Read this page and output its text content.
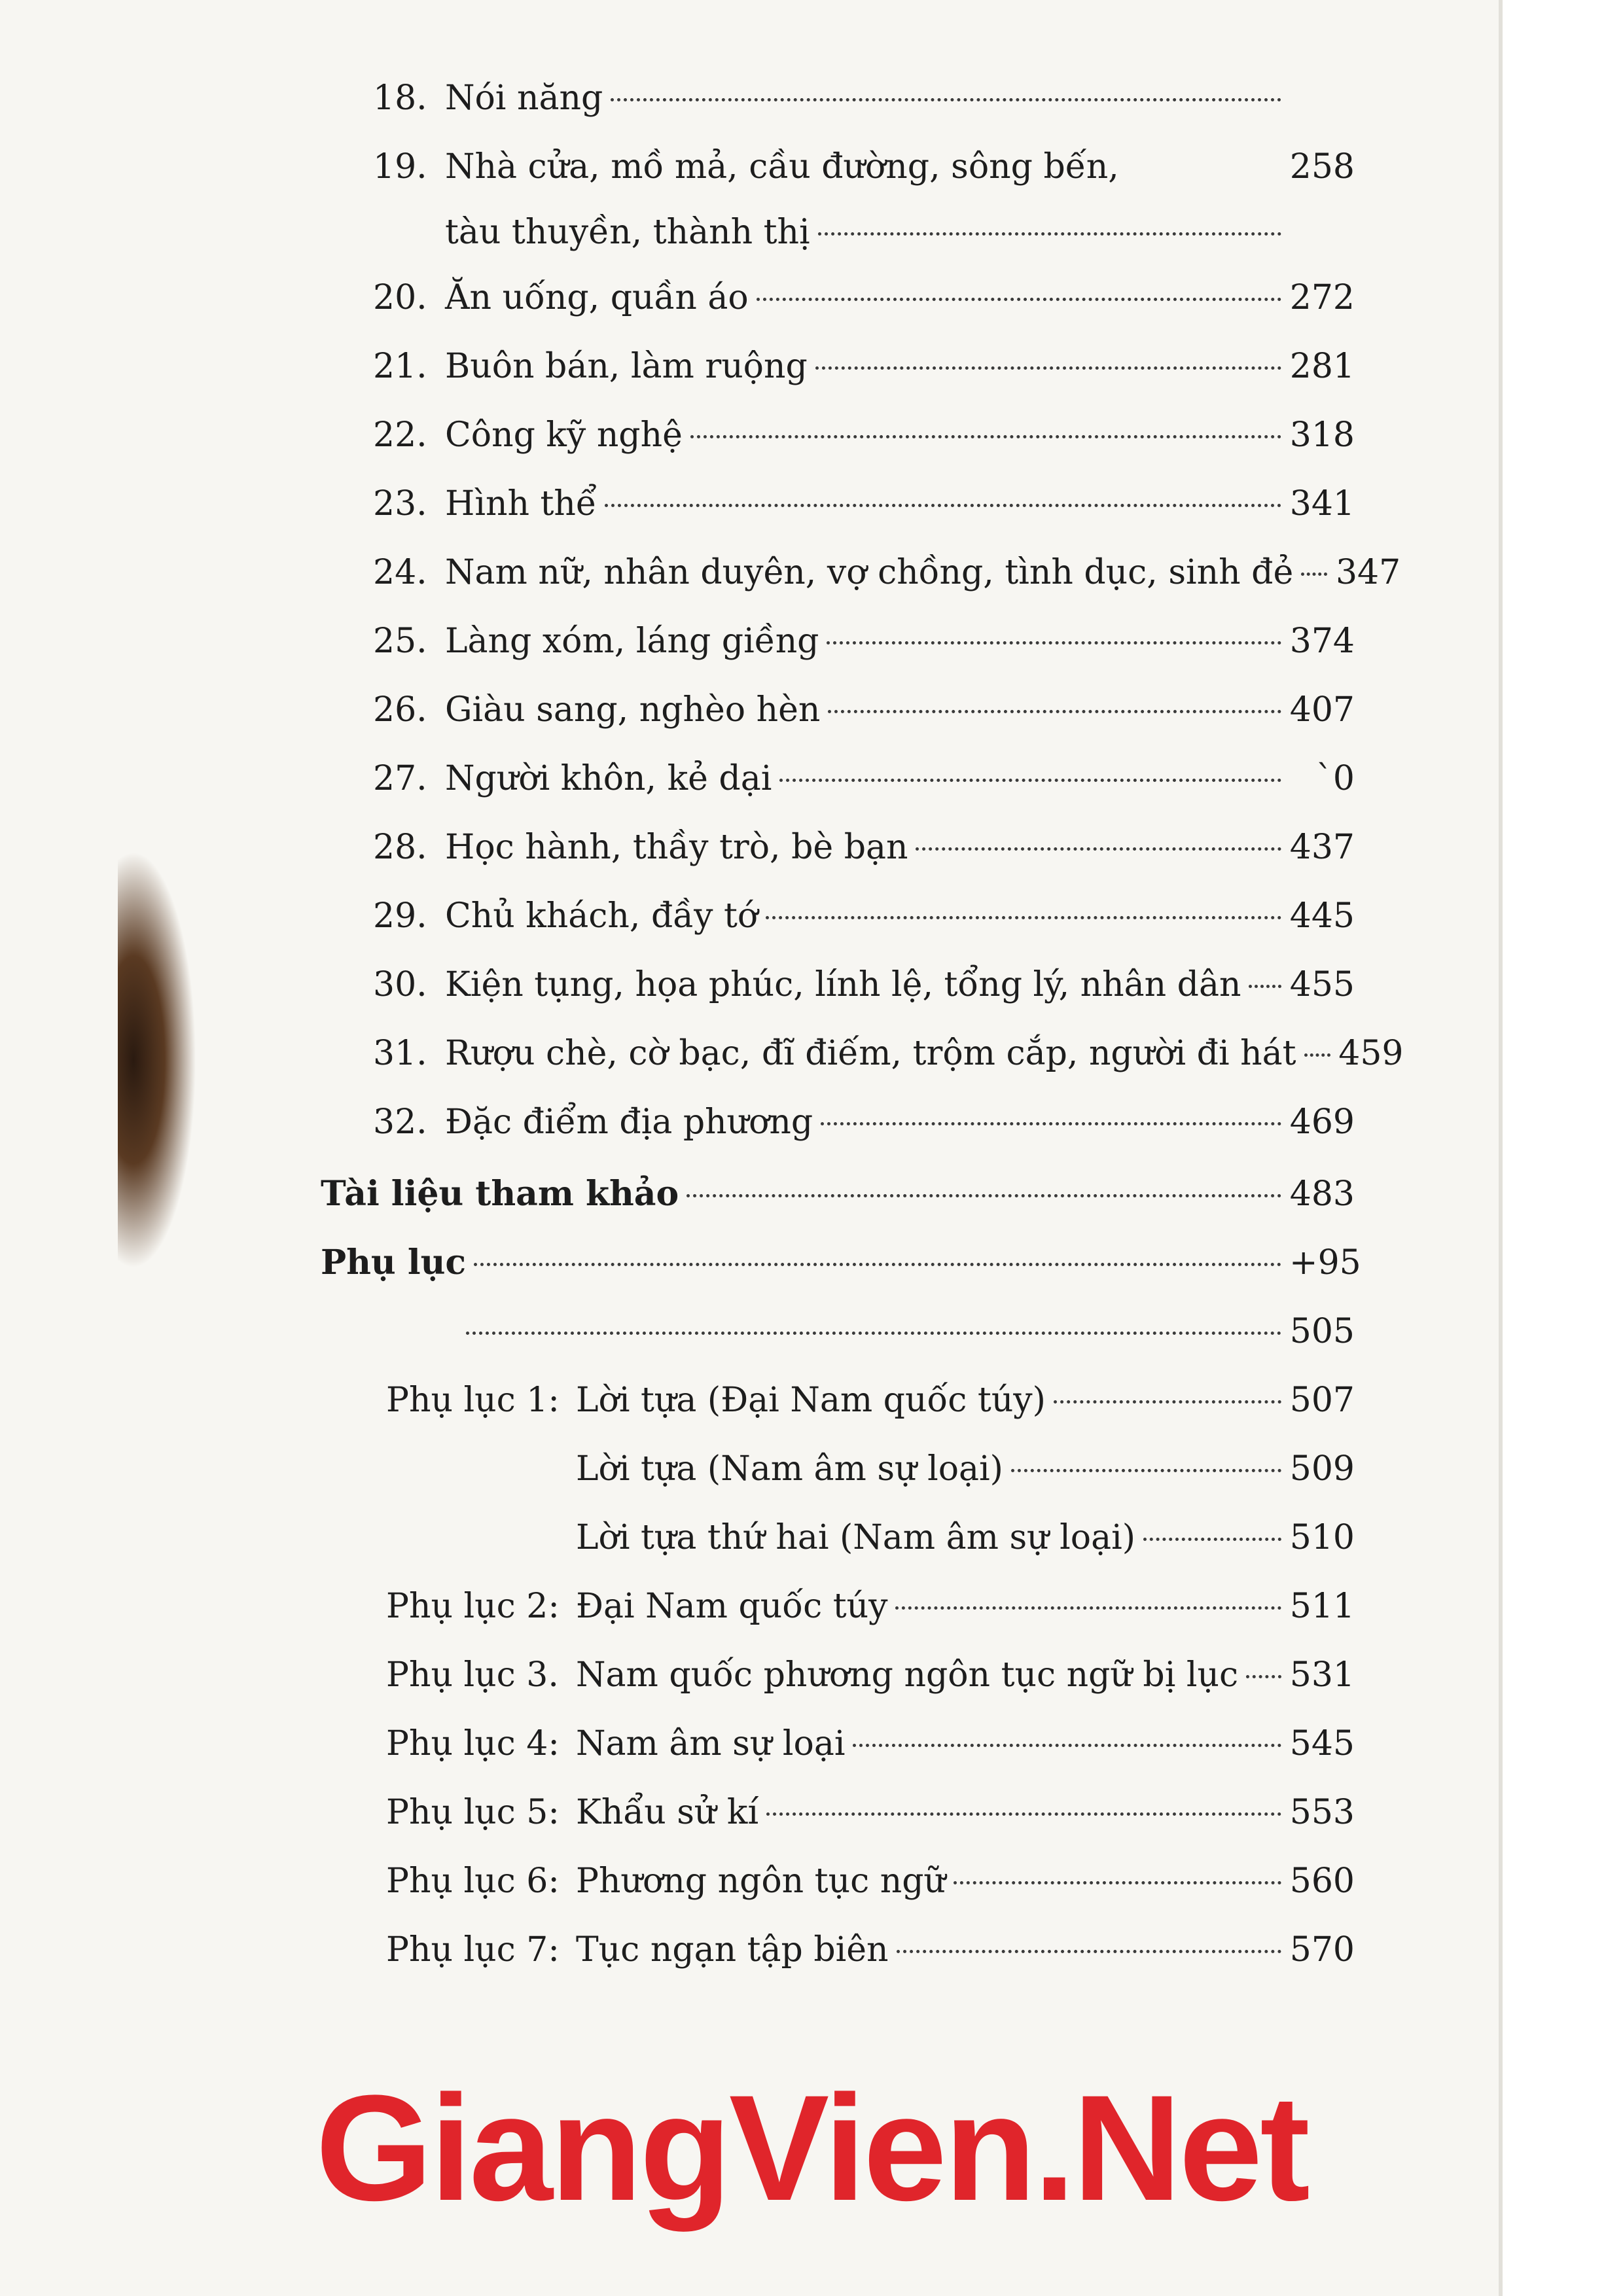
18. Nói năng
19. Nhà cửa, mồ mả, cầu đường, sông bến,	258
tàu thuyền, thành thị
20. Ăn uống, quần áo	272
21. Buôn bán, làm ruộng	281
22. Công kỹ nghệ	318
23. Hình thể	341
24. Nam nữ, nhân duyên, vợ chồng, tình dục, sinh đẻ 347
25. Làng xóm, láng giềng	374
26. Giàu sang, nghèo hèn	407
27. Người khôn, kẻ dại	`0
28. Học hành, thầy trò, bè bạn	437
29. Chủ khách, đầy tớ	445
30. Kiện tụng, họa phúc, lính lệ, tổng lý, nhân dân 455
31. Rượu chè, cờ bạc, đĩ điếm, trộm cắp, người đi hát 459
32. Đặc điểm địa phương	469
Tài liệu tham khảo	483
Phụ lục	+95
505
Phụ lục 1: Lời tựa (Đại Nam quốc túy)	507
Lời tựa (Nam âm sự loại)	509
Lời tựa thứ hai (Nam âm sự loại)	510
Phụ lục 2: Đại Nam quốc túy	511
Phụ lục 3. Nam quốc phương ngôn tục ngữ bị lục 531
Phụ lục 4: Nam âm sự loại	545
Phụ lục 5: Khẩu sử kí	553
Phụ lục 6: Phương ngôn tục ngữ	560
Phụ lục 7: Tục ngạn tập biên	570
GiangVien.Net
